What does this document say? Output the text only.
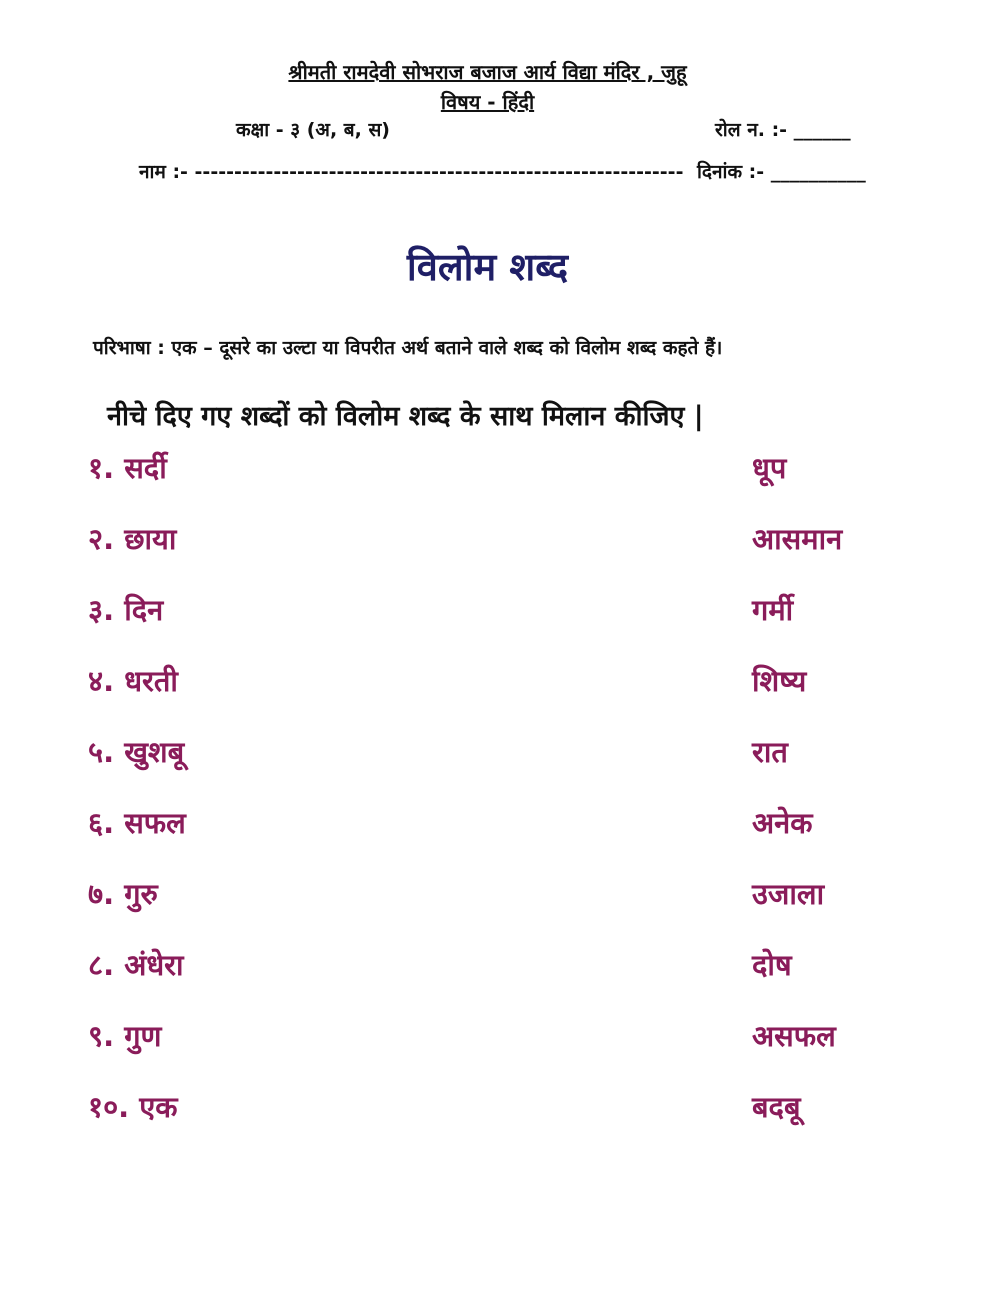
श्रीमती रामदेवी सोभराज बजाज आर्य विद्या मंदिर , जुहू
विषय - हिंदी
कक्षा - ३ (अ, ब, स)	रोल न. :- ______
नाम :- -------------------------------------------------------------- दिनांक :- __________
विलोम शब्द
परिभाषा : एक – दूसरे का उल्टा या विपरीत अर्थ बताने वाले शब्द को विलोम शब्द कहते हैं।
नीचे दिए गए शब्दों को विलोम शब्द के साथ मिलान कीजिए |
१. सर्दी
२. छाया
३. दिन
४. धरती
५. खुशबू
६. सफल
७. गुरु
८. अंधेरा
९. गुण
१०. एक
धूप
आसमान
गर्मी
शिष्य
रात
अनेक
उजाला
दोष
असफल
बदबू
